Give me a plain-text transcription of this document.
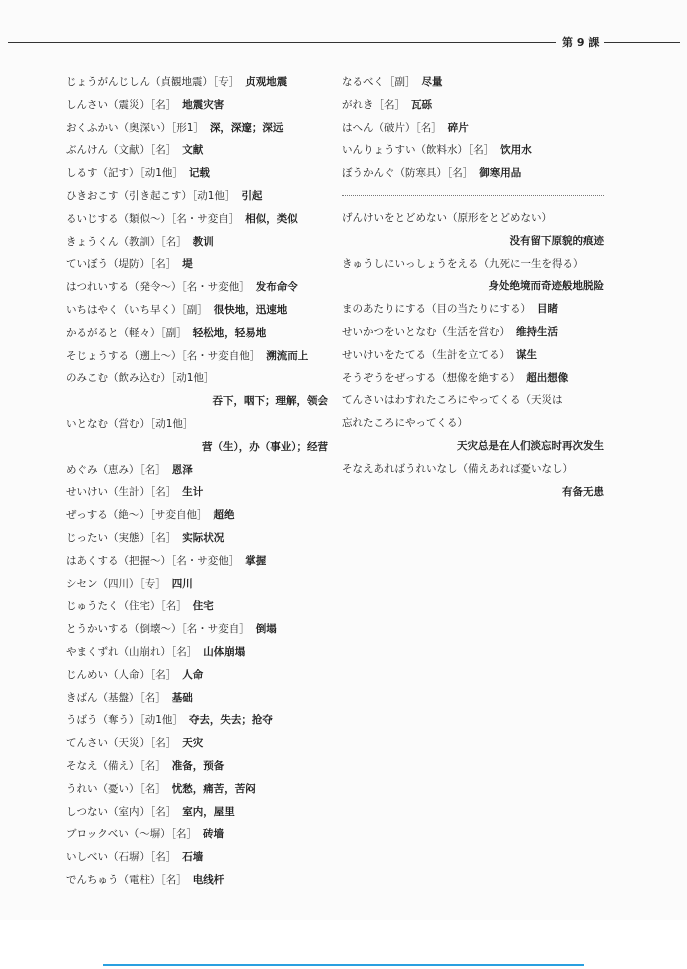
第 9 課
じょうがんじしん（貞観地震）［专］ 贞观地震
しんさい（震災）［名］ 地震灾害
おくふかい（奥深い）［形1］ 深，深邃；深远
ぶんけん（文献）［名］ 文献
しるす（記す）［动1他］ 记载
ひきおこす（引き起こす）［动1他］ 引起
るいじする（類似～）［名・サ変自］ 相似，类似
きょうくん（教訓）［名］ 教训
ていぼう（堤防）［名］ 堤
はつれいする（発令～）［名・サ変他］ 发布命令
いちはやく（いち早く）［副］ 很快地，迅速地
かるがると（軽々）［副］ 轻松地，轻易地
そじょうする（遡上～）［名・サ変自他］ 溯流而上
のみこむ（飲み込む）［动1他］
吞下，咽下；理解，领会
いとなむ（営む）［动1他］
营（生），办（事业）；经营
めぐみ（恵み）［名］ 恩泽
せいけい（生計）［名］ 生计
ぜっする（絶～）［サ変自他］ 超绝
じったい（実態）［名］ 实际状况
はあくする（把握～）［名・サ変他］ 掌握
シセン（四川）［专］ 四川
じゅうたく（住宅）［名］ 住宅
とうかいする（倒壊～）［名・サ変自］ 倒塌
やまくずれ（山崩れ）［名］ 山体崩塌
じんめい（人命）［名］ 人命
きばん（基盤）［名］ 基础
うばう（奪う）［动1他］ 夺去，失去；抢夺
てんさい（天災）［名］ 天灾
そなえ（備え）［名］ 准备，预备
うれい（憂い）［名］ 忧愁，痛苦，苦闷
しつない（室内）［名］ 室内，屋里
ブロックべい（～塀）［名］ 砖墙
いしべい（石塀）［名］ 石墙
でんちゅう（電柱）［名］ 电线杆
なるべく［副］ 尽量
がれき［名］ 瓦砾
はへん（破片）［名］ 碎片
いんりょうすい（飲料水）［名］ 饮用水
ぼうかんぐ（防寒具）［名］ 御寒用品
げんけいをとどめない（原形をとどめない）
没有留下原貌的痕迹
きゅうしにいっしょうをえる（九死に一生を得る）
身处绝境而奇迹般地脱险
まのあたりにする（目の当たりにする） 目睹
せいかつをいとなむ（生活を営む） 维持生活
せいけいをたてる（生計を立てる） 谋生
そうぞうをぜっする（想像を絶する） 超出想像
てんさいはわすれたころにやってくる（天災は
忘れたころにやってくる）
天灾总是在人们淡忘时再次发生
そなえあればうれいなし（備えあれば憂いなし）
有备无患
